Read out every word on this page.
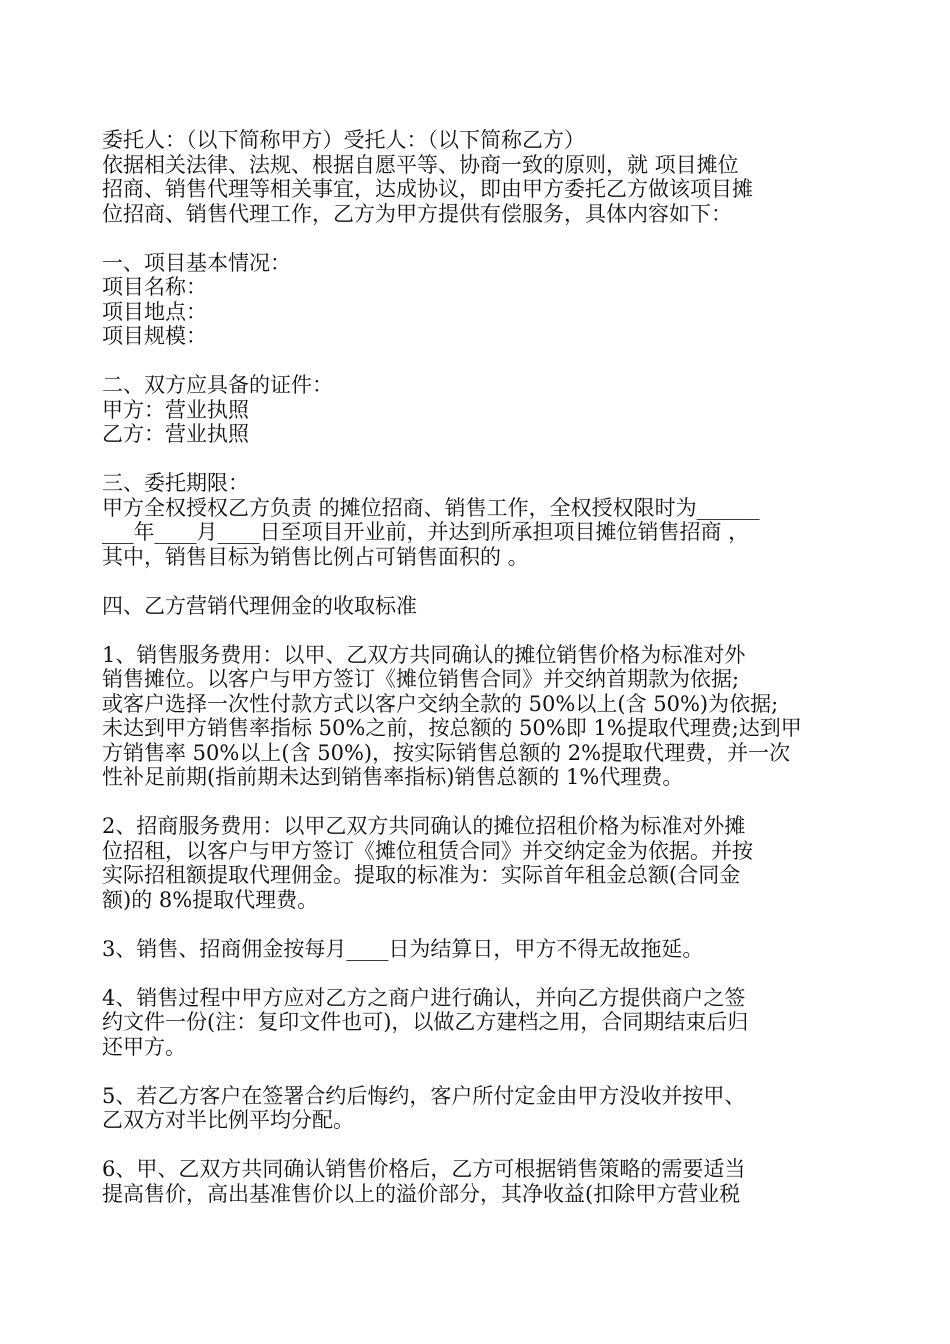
委托人：（以下简称甲方）受托人：（以下简称乙方）
依据相关法律、法规、根据自愿平等、协商一致的原则，就 项目摊位
招商、销售代理等相关事宜，达成协议，即由甲方委托乙方做该项目摊
位招商、销售代理工作，乙方为甲方提供有偿服务，具体内容如下：
一、项目基本情况：
项目名称：
项目地点：
项目规模：
二、双方应具备的证件：
甲方：营业执照
乙方：营业执照
三、委托期限：
甲方全权授权乙方负责 的摊位招商、销售工作，全权授权限时为______
___年____月____日至项目开业前，并达到所承担项目摊位销售招商 ，
其中，销售目标为销售比例占可销售面积的 。
四、乙方营销代理佣金的收取标准
1、销售服务费用：以甲、乙双方共同确认的摊位销售价格为标准对外
销售摊位。以客户与甲方签订《摊位销售合同》并交纳首期款为依据;
或客户选择一次性付款方式以客户交纳全款的 50%以上(含 50%)为依据;
未达到甲方销售率指标 50%之前，按总额的 50%即 1%提取代理费;达到甲
方销售率 50%以上(含 50%)，按实际销售总额的 2%提取代理费，并一次
性补足前期(指前期未达到销售率指标)销售总额的 1%代理费。
2、招商服务费用：以甲乙双方共同确认的摊位招租价格为标准对外摊
位招租，以客户与甲方签订《摊位租赁合同》并交纳定金为依据。并按
实际招租额提取代理佣金。提取的标准为：实际首年租金总额(合同金
额)的 8%提取代理费。
3、销售、招商佣金按每月____日为结算日，甲方不得无故拖延。
4、销售过程中甲方应对乙方之商户进行确认，并向乙方提供商户之签
约文件一份(注：复印文件也可)，以做乙方建档之用，合同期结束后归
还甲方。
5、若乙方客户在签署合约后悔约，客户所付定金由甲方没收并按甲、
乙双方对半比例平均分配。
6、甲、乙双方共同确认销售价格后，乙方可根据销售策略的需要适当
提高售价，高出基准售价以上的溢价部分，其净收益(扣除甲方营业税
